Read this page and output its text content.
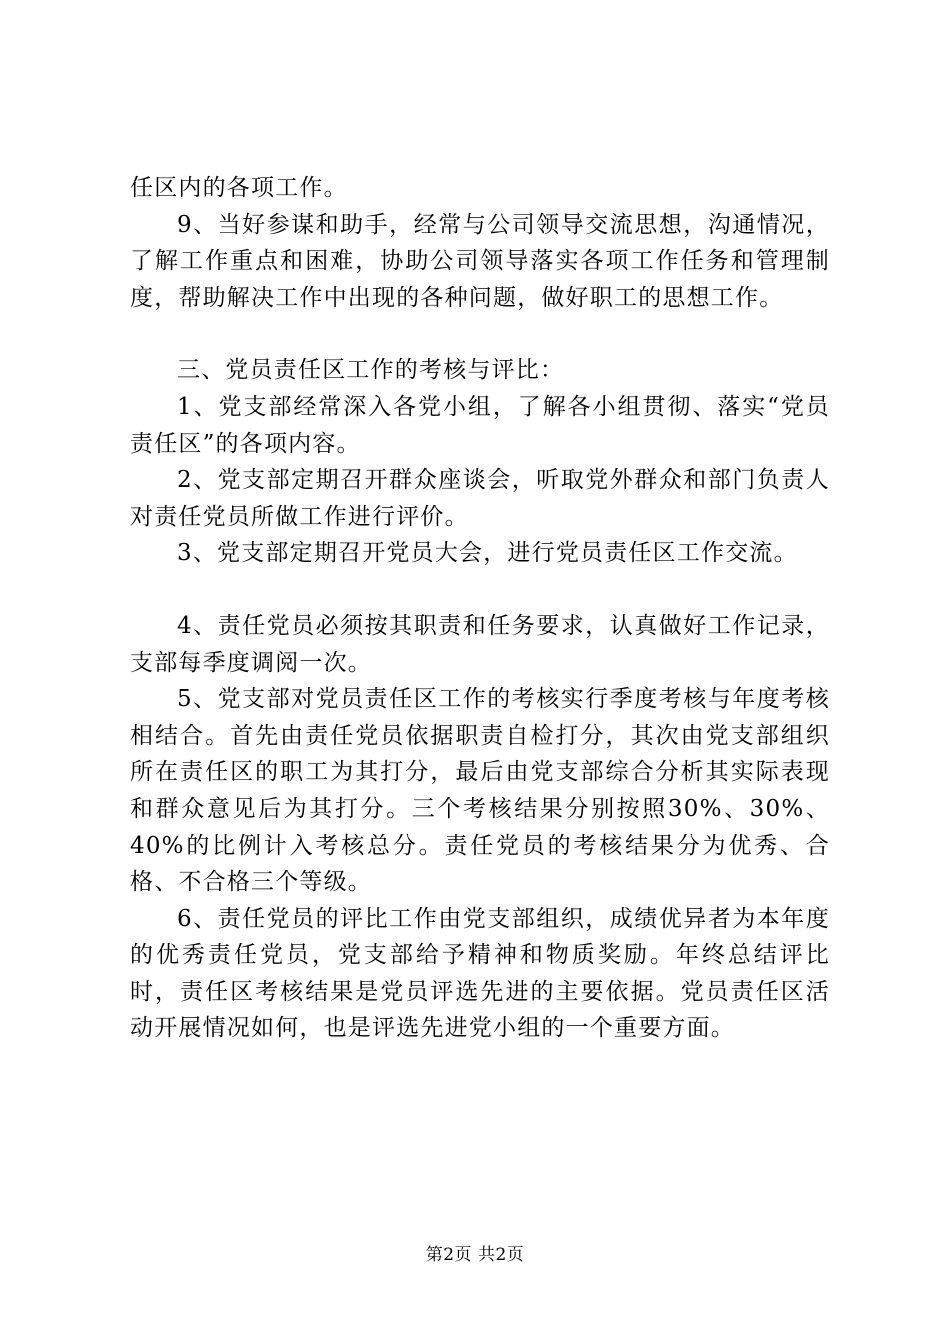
任区内的各项工作。

9、当好参谋和助手，经常与公司领导交流思想，沟通情况，了解工作重点和困难，协助公司领导落实各项工作任务和管理制度，帮助解决工作中出现的各种问题，做好职工的思想工作。

三、党员责任区工作的考核与评比：

1、党支部经常深入各党小组，了解各小组贯彻、落实“党员责任区”的各项内容。

2、党支部定期召开群众座谈会，听取党外群众和部门负责人对责任党员所做工作进行评价。

3、党支部定期召开党员大会，进行党员责任区工作交流。

4、责任党员必须按其职责和任务要求，认真做好工作记录，支部每季度调阅一次。

5、党支部对党员责任区工作的考核实行季度考核与年度考核相结合。首先由责任党员依据职责自检打分，其次由党支部组织所在责任区的职工为其打分，最后由党支部综合分析其实际表现和群众意见后为其打分。三个考核结果分别按照30%、30%、40%的比例计入考核总分。责任党员的考核结果分为优秀、合格、不合格三个等级。

6、责任党员的评比工作由党支部组织，成绩优异者为本年度的优秀责任党员，党支部给予精神和物质奖励。年终总结评比时，责任区考核结果是党员评选先进的主要依据。党员责任区活动开展情况如何，也是评选先进党小组的一个重要方面。

第2页 共2页
